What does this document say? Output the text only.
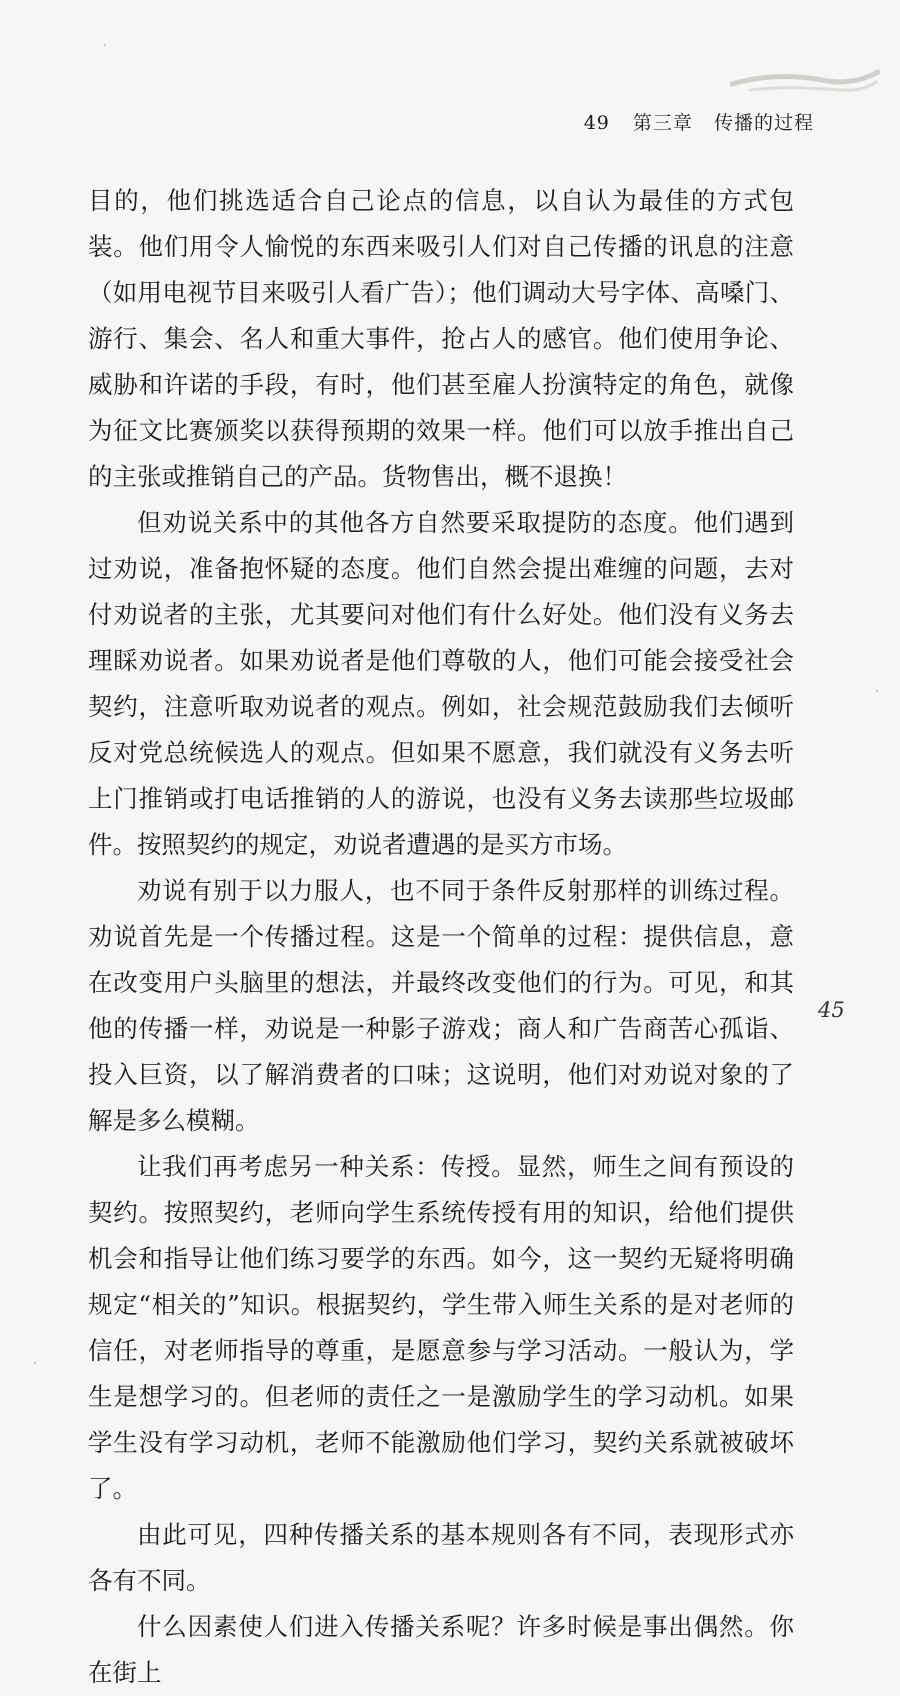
49 第三章 传播的过程

目的，他们挑选适合自己论点的信息，以自认为最佳的方式包装。他们用令人愉悦的东西来吸引人们对自己传播的讯息的注意（如用电视节目来吸引人看广告）；他们调动大号字体、高嗓门、游行、集会、名人和重大事件，抢占人的感官。他们使用争论、威胁和许诺的手段，有时，他们甚至雇人扮演特定的角色，就像为征文比赛颁奖以获得预期的效果一样。他们可以放手推出自己的主张或推销自己的产品。货物售出，概不退换！

但劝说关系中的其他各方自然要采取提防的态度。他们遇到过劝说，准备抱怀疑的态度。他们自然会提出难缠的问题，去对付劝说者的主张，尤其要问对他们有什么好处。他们没有义务去理睬劝说者。如果劝说者是他们尊敬的人，他们可能会接受社会契约，注意听取劝说者的观点。例如，社会规范鼓励我们去倾听反对党总统候选人的观点。但如果不愿意，我们就没有义务去听上门推销或打电话推销的人的游说，也没有义务去读那些垃圾邮件。按照契约的规定，劝说者遭遇的是买方市场。

劝说有别于以力服人，也不同于条件反射那样的训练过程。劝说首先是一个传播过程。这是一个简单的过程：提供信息，意在改变用户头脑里的想法，并最终改变他们的行为。可见，和其他的传播一样，劝说是一种影子游戏；商人和广告商苦心孤诣、投入巨资，以了解消费者的口味；这说明，他们对劝说对象的了解是多么模糊。

让我们再考虑另一种关系：传授。显然，师生之间有预设的契约。按照契约，老师向学生系统传授有用的知识，给他们提供机会和指导让他们练习要学的东西。如今，这一契约无疑将明确规定“相关的”知识。根据契约，学生带入师生关系的是对老师的信任，对老师指导的尊重，是愿意参与学习活动。一般认为，学生是想学习的。但老师的责任之一是激励学生的学习动机。如果学生没有学习动机，老师不能激励他们学习，契约关系就被破坏了。

由此可见，四种传播关系的基本规则各有不同，表现形式亦各有不同。

什么因素使人们进入传播关系呢？许多时候是事出偶然。你在街上

45
